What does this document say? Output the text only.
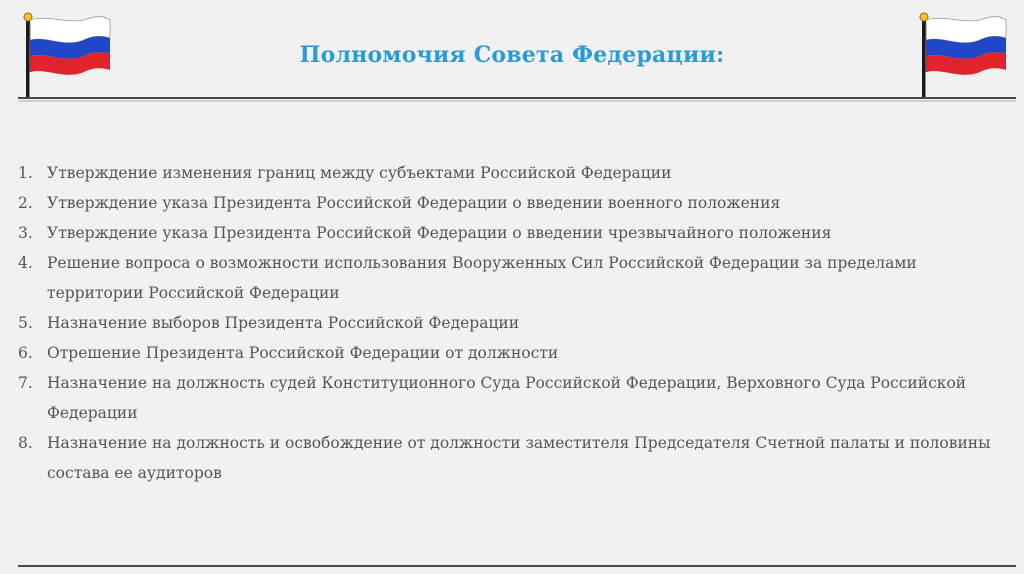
Полномочия Совета Федерации:
1. Утверждение изменения границ между субъектами Российской Федерации
2. Утверждение указа Президента Российской Федерации о введении военного положения
3. Утверждение указа Президента Российской Федерации о введении чрезвычайного положения
4. Решение вопроса о возможности использования Вооруженных Сил Российской Федерации за пределами территории Российской Федерации
5. Назначение выборов Президента Российской Федерации
6. Отрешение Президента Российской Федерации от должности
7. Назначение на должность судей Конституционного Суда Российской Федерации, Верховного Суда Российской Федерации
8. Назначение на должность и освобождение от должности заместителя Председателя Счетной палаты и половины состава ее аудиторов
